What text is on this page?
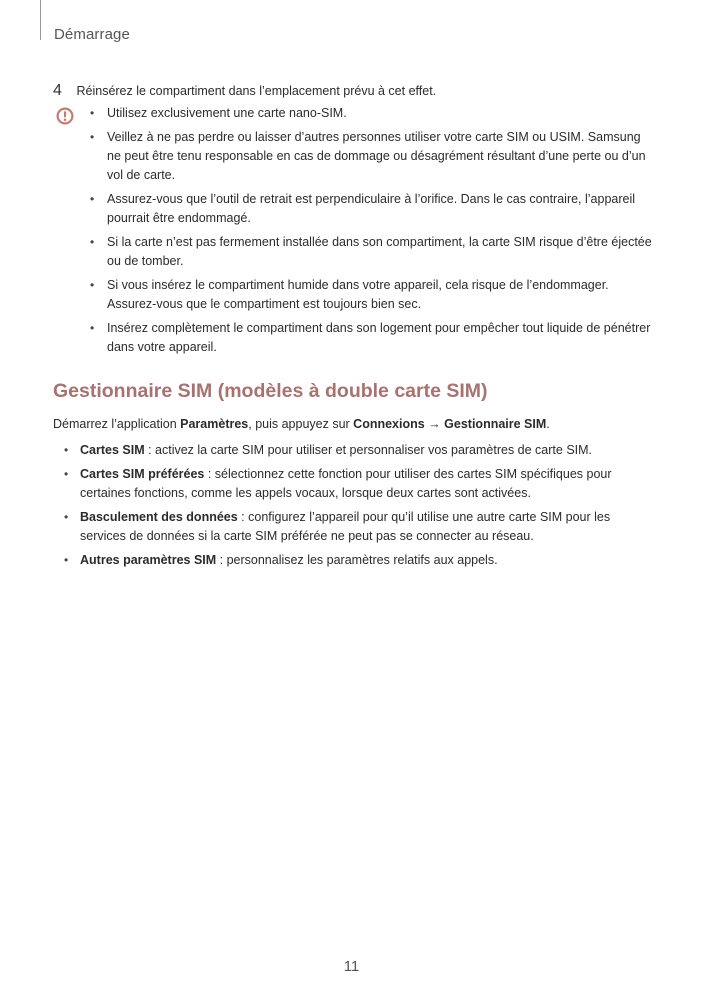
Démarrage
4 Réinsérez le compartiment dans l’emplacement prévu à cet effet.
• Utilisez exclusivement une carte nano-SIM.
• Veillez à ne pas perdre ou laisser d’autres personnes utiliser votre carte SIM ou USIM. Samsung ne peut être tenu responsable en cas de dommage ou désagrément résultant d’une perte ou d’un vol de carte.
• Assurez-vous que l’outil de retrait est perpendiculaire à l’orifice. Dans le cas contraire, l’appareil pourrait être endommagé.
• Si la carte n’est pas fermement installée dans son compartiment, la carte SIM risque d’être éjectée ou de tomber.
• Si vous insérez le compartiment humide dans votre appareil, cela risque de l’endommager. Assurez-vous que le compartiment est toujours bien sec.
• Insérez complètement le compartiment dans son logement pour empêcher tout liquide de pénétrer dans votre appareil.
Gestionnaire SIM (modèles à double carte SIM)
Démarrez l’application Paramètres, puis appuyez sur Connexions → Gestionnaire SIM.
• Cartes SIM : activez la carte SIM pour utiliser et personnaliser vos paramètres de carte SIM.
• Cartes SIM préférées : sélectionnez cette fonction pour utiliser des cartes SIM spécifiques pour certaines fonctions, comme les appels vocaux, lorsque deux cartes sont activées.
• Basculement des données : configurez l’appareil pour qu’il utilise une autre carte SIM pour les services de données si la carte SIM préférée ne peut pas se connecter au réseau.
• Autres paramètres SIM : personnalisez les paramètres relatifs aux appels.
11
